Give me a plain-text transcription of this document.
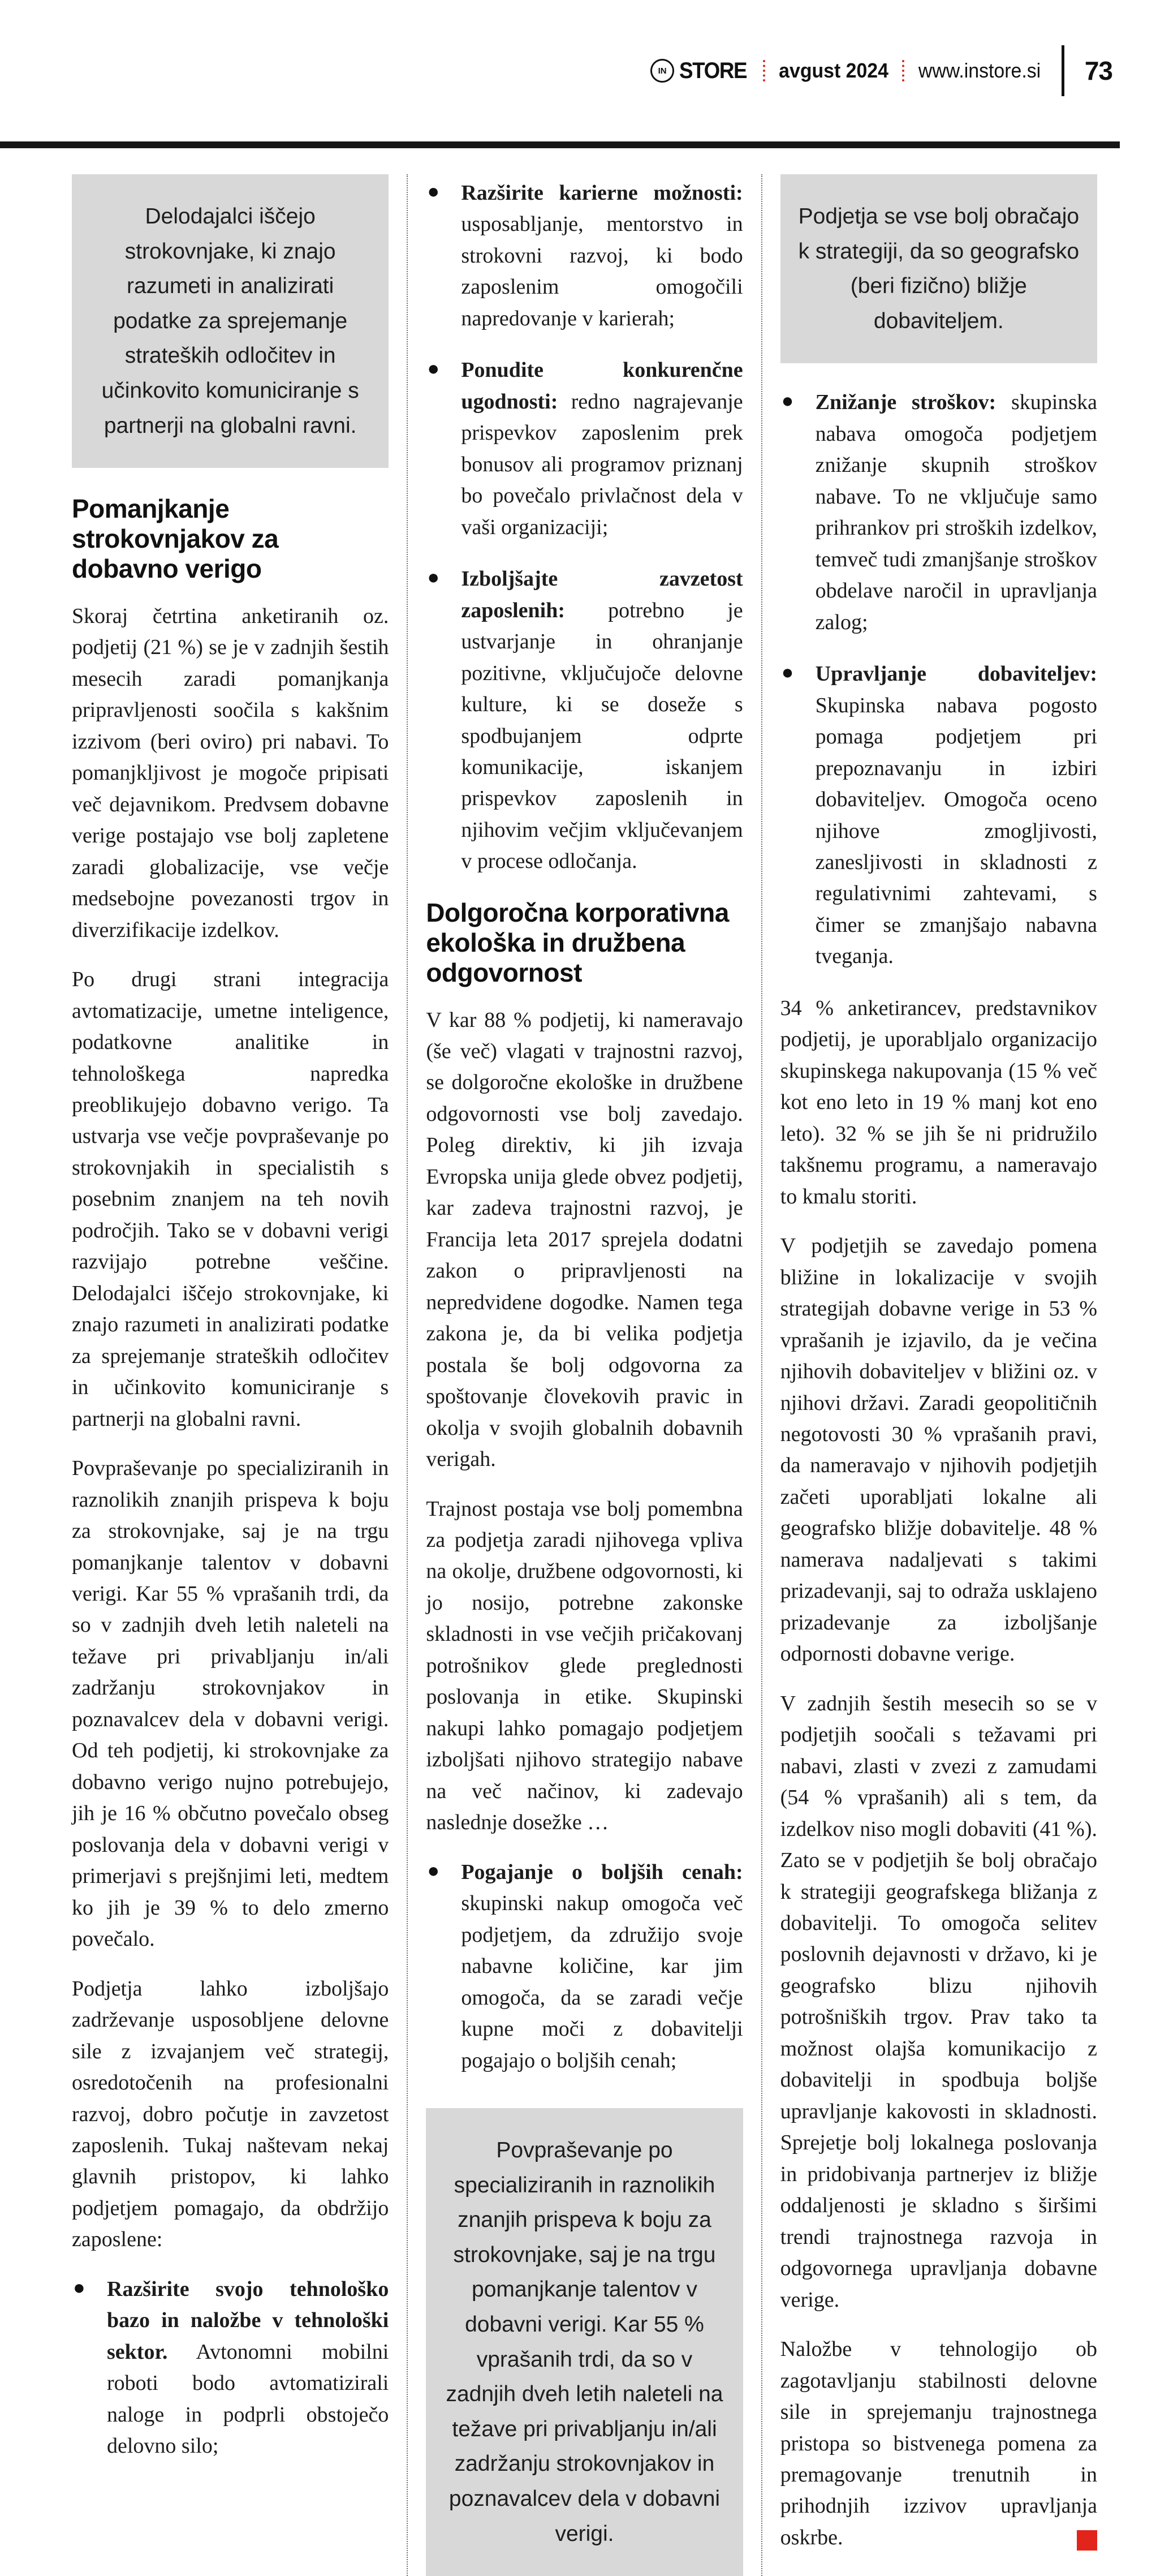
IN STORE avgust 2024 www.instore.si 73
Delodajalci iščejo strokovnjake, ki znajo razumeti in analizirati podatke za sprejemanje strateških odločitev in učinkovito komuniciranje s partnerji na globalni ravni.
Pomanjkanje strokovnjakov za dobavno verigo

Skoraj četrtina anketiranih oz. podjetij (21 %) se je v zadnjih šestih mesecih zaradi pomanjkanja pripravljenosti soočila s kakšnim izzivom (beri oviro) pri nabavi. To pomanjkljivost je mogoče pripisati več dejavnikom. Predvsem dobavne verige postajajo vse bolj zapletene zaradi globalizacije, vse večje medsebojne povezanosti trgov in diverzifikacije izdelkov.

Po drugi strani integracija avtomatizacije, umetne inteligence, podatkovne analitike in tehnološkega napredka preoblikujejo dobavno verigo. Ta ustvarja vse večje povpraševanje po strokovnjakih in specialistih s posebnim znanjem na teh novih področjih. Tako se v dobavni verigi razvijajo potrebne veščine. Delodajalci iščejo strokovnjake, ki znajo razumeti in analizirati podatke za sprejemanje strateških odločitev in učinkovito komuniciranje s partnerji na globalni ravni.

Povpraševanje po specializiranih in raznolikih znanjih prispeva k boju za strokovnjake, saj je na trgu pomanjkanje talentov v dobavni verigi. Kar 55 % vprašanih trdi, da so v zadnjih dveh letih naleteli na težave pri privabljanju in/ali zadržanju strokovnjakov in poznavalcev dela v dobavni verigi. Od teh podjetij, ki strokovnjake za dobavno verigo nujno potrebujejo, jih je 16 % občutno povečalo obseg poslovanja dela v dobavni verigi v primerjavi s prejšnjimi leti, medtem ko jih je 39 % to delo zmerno povečalo.

Podjetja lahko izboljšajo zadrževanje usposobljene delovne sile z izvajanjem več strategij, osredotočenih na profesionalni razvoj, dobro počutje in zavzetost zaposlenih. Tukaj naštevam nekaj glavnih pristopov, ki lahko podjetjem pomagajo, da obdržijo zaposlene:

● Razširite svojo tehnološko bazo in naložbe v tehnološki sektor. Avtonomni mobilni roboti bodo avtomatizirali naloge in podprli obstoječo delovno silo;
● Razširite karierne možnosti: usposabljanje, mentorstvo in strokovni razvoj, ki bodo zaposlenim omogočili napredovanje v karierah;
● Ponudite konkurenčne ugodnosti: redno nagrajevanje prispevkov zaposlenim prek bonusov ali programov priznanj bo povečalo privlačnost dela v vaši organizaciji;
● Izboljšajte zavzetost zaposlenih: potrebno je ustvarjanje in ohranjanje pozitivne, vključujoče delovne kulture, ki se doseže s spodbujanjem odprte komunikacije, iskanjem prispevkov zaposlenih in njihovim večjim vključevanjem v procese odločanja.
Dolgoročna korporativna ekološka in družbena odgovornost

V kar 88 % podjetij, ki nameravajo (še več) vlagati v trajnostni razvoj, se dolgoročne ekološke in družbene odgovornosti vse bolj zavedajo. Poleg direktiv, ki jih izvaja Evropska unija glede obvez podjetij, kar zadeva trajnostni razvoj, je Francija leta 2017 sprejela dodatni zakon o pripravljenosti na nepredvidene dogodke. Namen tega zakona je, da bi velika podjetja postala še bolj odgovorna za spoštovanje človekovih pravic in okolja v svojih globalnih dobavnih verigah.

Trajnost postaja vse bolj pomembna za podjetja zaradi njihovega vpliva na okolje, družbene odgovornosti, ki jo nosijo, potrebne zakonske skladnosti in vse večjih pričakovanj potrošnikov glede preglednosti poslovanja in etike. Skupinski nakupi lahko pomagajo podjetjem izboljšati njihovo strategijo nabave na več načinov, ki zadevajo naslednje dosežke …

● Pogajanje o boljših cenah: skupinski nakup omogoča več podjetjem, da združijo svoje nabavne količine, kar jim omogoča, da se zaradi večje kupne moči z dobavitelji pogajajo o boljših cenah;
Povpraševanje po specializiranih in raznolikih znanjih prispeva k boju za strokovnjake, saj je na trgu pomanjkanje talentov v dobavni verigi. Kar 55 % vprašanih trdi, da so v zadnjih dveh letih naleteli na težave pri privabljanju in/ali zadržanju strokovnjakov in poznavalcev dela v dobavni verigi.
Podjetja se vse bolj obračajo k strategiji, da so geografsko (beri fizično) bližje dobaviteljem.
● Znižanje stroškov: skupinska nabava omogoča podjetjem znižanje skupnih stroškov nabave. To ne vključuje samo prihrankov pri stroških izdelkov, temveč tudi zmanjšanje stroškov obdelave naročil in upravljanja zalog;
● Upravljanje dobaviteljev: Skupinska nabava pogosto pomaga podjetjem pri prepoznavanju in izbiri dobaviteljev. Omogoča oceno njihove zmogljivosti, zanesljivosti in skladnosti z regulativnimi zahtevami, s čimer se zmanjšajo nabavna tveganja.

34 % anketirancev, predstavnikov podjetij, je uporabljalo organizacijo skupinskega nakupovanja (15 % več kot eno leto in 19 % manj kot eno leto). 32 % se jih še ni pridružilo takšnemu programu, a nameravajo to kmalu storiti.

V podjetjih se zavedajo pomena bližine in lokalizacije v svojih strategijah dobavne verige in 53 % vprašanih je izjavilo, da je večina njihovih dobaviteljev v bližini oz. v njihovi državi. Zaradi geopolitičnih negotovosti 30 % vprašanih pravi, da nameravajo v njihovih podjetjih začeti uporabljati lokalne ali geografsko bližje dobavitelje. 48 % namerava nadaljevati s takimi prizadevanji, saj to odraža usklajeno prizadevanje za izboljšanje odpornosti dobavne verige.

V zadnjih šestih mesecih so se v podjetjih soočali s težavami pri nabavi, zlasti v zvezi z zamudami (54 % vprašanih) ali s tem, da izdelkov niso mogli dobaviti (41 %). Zato se v podjetjih še bolj obračajo k strategiji geografskega bližanja z dobavitelji. To omogoča selitev poslovnih dejavnosti v državo, ki je geografsko blizu njihovih potrošniških trgov. Prav tako ta možnost olajša komunikacijo z dobavitelji in spodbuja boljše upravljanje kakovosti in skladnosti. Sprejetje bolj lokalnega poslovanja in pridobivanja partnerjev iz bližje oddaljenosti je skladno s širšimi trendi trajnostnega razvoja in odgovornega upravljanja dobavne verige.

Naložbe v tehnologijo ob zagotavljanju stabilnosti delovne sile in sprejemanju trajnostnega pristopa so bistvenega pomena za premagovanje trenutnih in prihodnjih izzivov upravljanja oskrbe.
